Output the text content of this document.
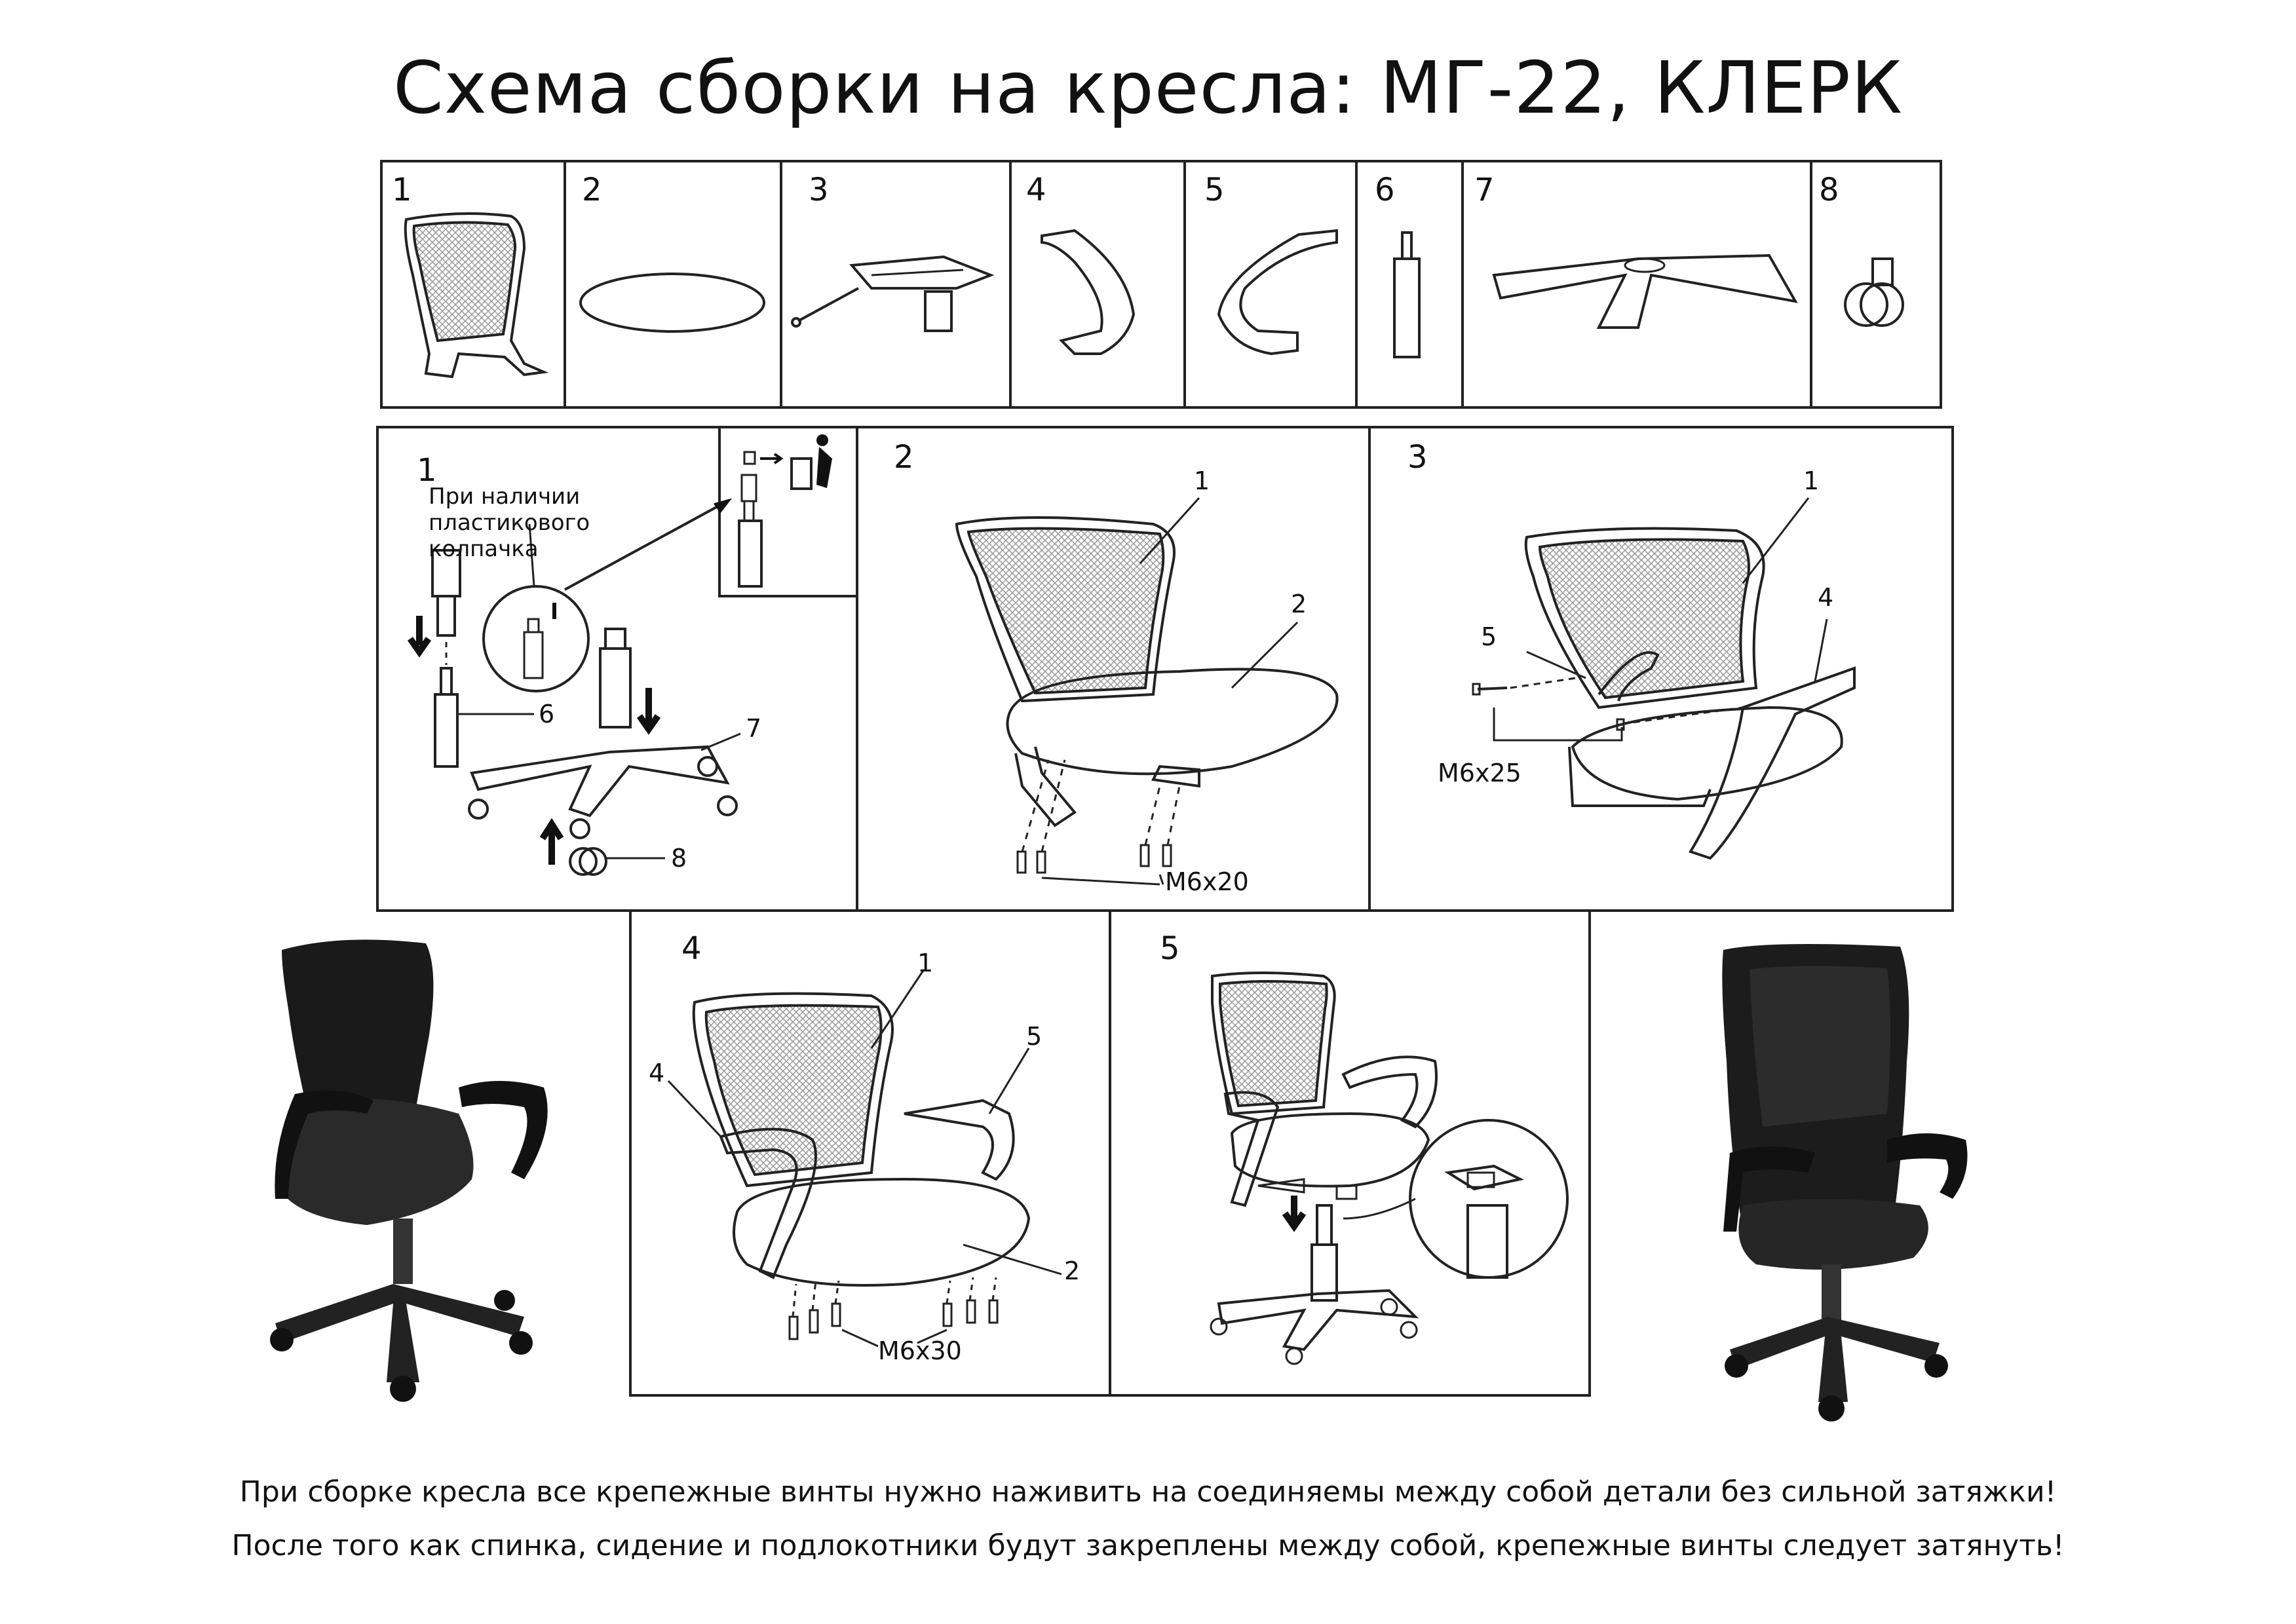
Схема сборки на кресла: МГ-22, КЛЕРК
1	2	3	4	5	6	7	8
1	2	3
4	5
При наличии пластикового колпачка
6	7
8
1
2
М6х20
1
4
5
М6х25
1
2
4
5
М6х30
При сборке кресла все крепежные винты нужно наживить на соединяемы между собой детали без сильной затяжки!
После того как спинка, сидение и подлокотники будут закреплены между собой, крепежные винты следует затянуть!
